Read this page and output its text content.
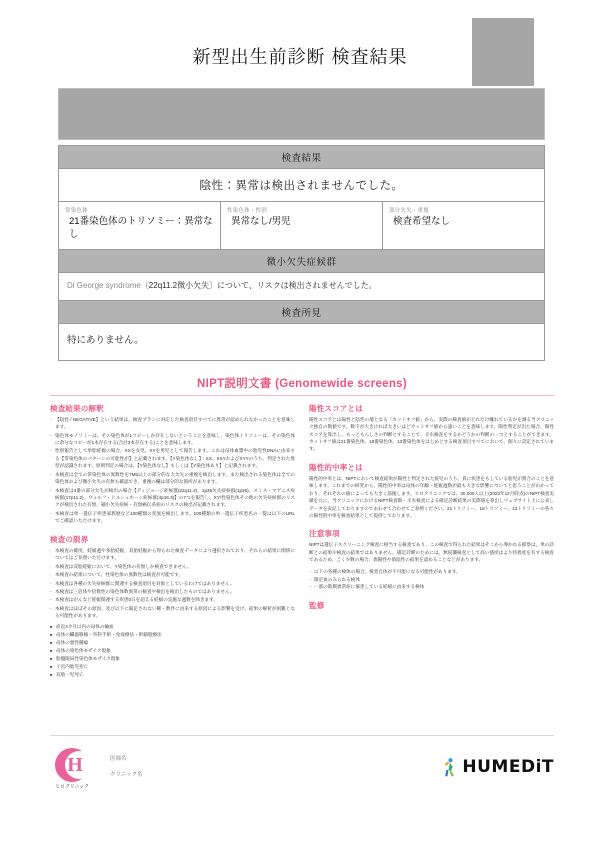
新型出生前診断 検査結果
検査結果
陰性：異常は検出されませんでした。
常染色体
21番染色体のトリソミー：異常なし
性染色体・性別
異常なし/男児
部分欠失・重複
検査希望なし
微小欠失症候群
Di George syndrome〔22q11.2微小欠失〕について、リスクは検出されませんでした。
検査所見
特にありません。
NIPT説明文書 (Genomewide screens)
検査結果の解釈
- 【陰性 / NEGATIVE】という結果は、検査プランに対応した検査項目すべてに異常が認められなかったことを意味します。
- 染色体モノソミーは、その染色体が1コピーしか存在しないということを意味し、染色体トリソミーは、その染色体に余分なコピーが1本存在する(合計3本存在する)ことを意味します。
- 性別報告として単胎妊娠の場合、XXを女児、XYを男児として報告します。これは母体血漿中の胎児性DNAに由来する【常染色体のパターンの可能性が】と記載されます。【Y染色体なし】：XX、XXYおよびXYYのうち、判定された異型が認識されます。原則判定の場合は、【Y染色体なし】もしくは【Y染色体あり】と記載されます。
- 本検査は全ての常染色体の異数性を7Mb以上の部分的な大欠失の重複を検出します。また検出される染色体は全ての染色体および微小欠失の有無も確認でき、重複の欄は部分的な箇所があります。
- 本検査は4番の部分欠失が検出の場合【ディジョージ症候群(22q11.2)、1p36欠失症候群(1p36)、スミス・マゲニス症候群(17p11.2)、ウォルフ・ヒルシュホーン症候群(4p16.3)】の7つを報告し、XY/性染色体その他の欠失症候群のリスクが検出された有無、細小欠失症候・有無癌伝系症のリスクの検出が記載されます。
- 本検査は単一遺伝子疾患家族歴など100種類の変異を検出します。100種類の単一遺伝子疾患名の一覧は以下のURLでご確認いただけます。
検査の限界
- 本検査の確度、妊婦週や多胎妊娠、双胎妊娠から得られた検査データにより選択されており、それらの結果に関係についてはご参照いただけます。
- 本検査は双胎妊娠において、Y染色体の有無しか検査できません。
- 本検査の結果について、性染色体の異数性は検査が可能です。
- 本検査は各種の欠失症候群に関連する検査項目を対象としているわけではありません。
- 本検査は三倍体や倍数性の染色体数異常の検査や検出を検出したものではありません。
- 本検査はがんなど妊娠関連する疾患0日を超える妊婦の実施な週数を除きます。
- 本検査はほぼその原因、及び以下に限定されない稀・数件に由来する原因による影響を受け、結果の解析が困難となる可能性があります。
■ 直近4カ月以内の母体の輸血
■ 母体の臓器移植・外科手術・免疫療法・幹細胞療法
■ 母体の悪性腫瘍
■ 母体の染色体モザイク現象
■ 胎盤限局性染色体モザイク現象
■ 子宮内胎児死亡
■ 双胎一児死亡
陽性スコアとは

陽性スコアとは陽性と陰性の境となる「カットオフ値」から、実際の検査値がどれだけ離れているかを測る当クリニック独自の数値です。数字が大きければ大きいほどカットオフ値から遠いことを意味します。陽性判定が出た場合、陽性スコアを算出し、もっともらしさの判断とすることで、羊水検査をするかどうかの判断の一つとすることができます。カットオフ値は21番染色体、18番染色体、13番染色体をはじめとする検査項目すべてにおいて、個々に設定されています。

陽性的中率とは

陽性的中率とは、NIPTにおいて検査結果が陽性と判定された旅児のうち、真に疾患をもしている胎児が割合のことを意味します。これまでの研究から、陽性的中率は母体の年齢・妊娠週数が最も大きな影響についてと思うことがわかっており、それぞれの値によっても大きく前後します。ヒロクリニックでは、30,000人以上(2022年12月時点)のNIPT検査実績を元に、当クリニックにおけるNIPT検査数・羊水検査による確定診断結果の実際値を算出しウェブサイト上に公表しデータを表記しておりますのであわせて合わせてご参照ください。21トリソミー、18トリソミー、13トリソミーの各々の陽性的中率を検査結果として提供しております。

注意事項

NIPTは遺伝子スクリーニング検査に相当する検査であり、この検査で得られた結果はそこから導かれる推察は、単の診断との結果や検査の結果ではありません。確定診断のためには、無侵襲検査として高い感度はより特異度を有する検査であるため、ごく少数の場合、偽陽性や偽陰性の結果を認めることなどがあります。

・ 以下の各種の検体の場合、検査自体が不可能になる可能性があります。
・ 限定血のみられる検体
・ 一部の新興異常症に罹患している妊婦に由来する検体
監修
H
ヒロクリニック
医師名
クリニック名	HUMEDiT
